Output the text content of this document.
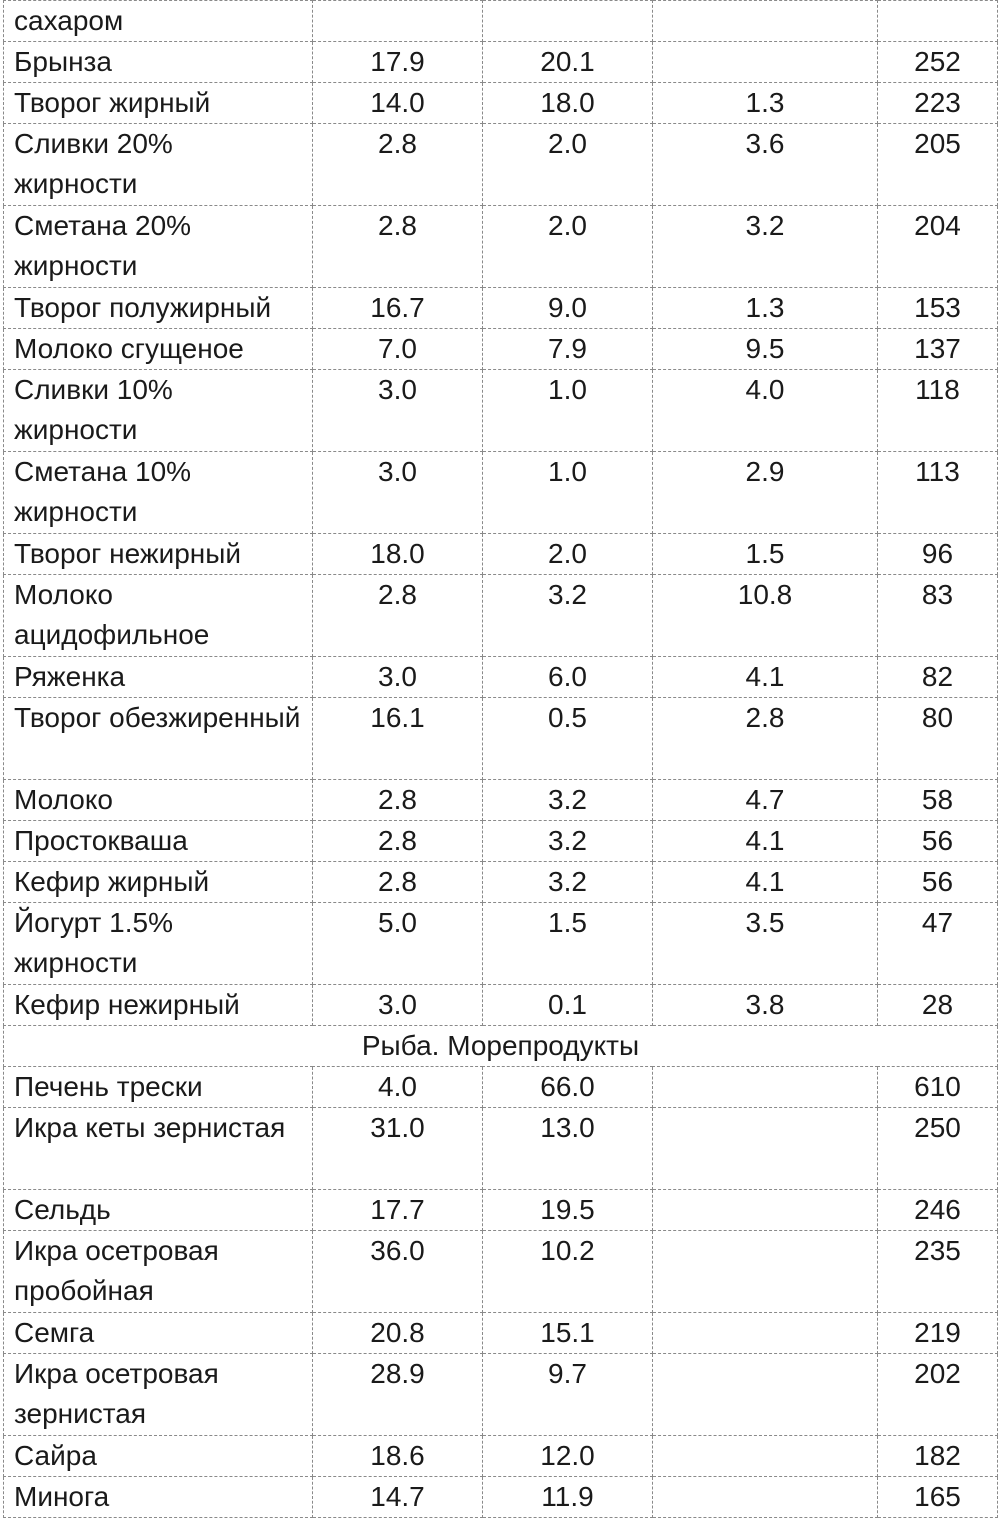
сахаром				
Брынза	17.9	20.1		252
Творог жирный	14.0	18.0	1.3	223
Сливки 20% жирности	2.8	2.0	3.6	205
Сметана 20% жирности	2.8	2.0	3.2	204
Творог полужирный	16.7	9.0	1.3	153
Молоко сгущеное	7.0	7.9	9.5	137
Сливки 10% жирности	3.0	1.0	4.0	118
Сметана 10% жирности	3.0	1.0	2.9	113
Творог нежирный	18.0	2.0	1.5	96
Молоко ацидофильное	2.8	3.2	10.8	83
Ряженка	3.0	6.0	4.1	82
Творог обезжиренный	16.1	0.5	2.8	80
Молоко	2.8	3.2	4.7	58
Простокваша	2.8	3.2	4.1	56
Кефир жирный	2.8	3.2	4.1	56
Йогурт 1.5% жирности	5.0	1.5	3.5	47
Кефир нежирный	3.0	0.1	3.8	28
Рыба. Морепродукты				
Печень трески	4.0	66.0		610
Икра кеты зернистая	31.0	13.0		250
Сельдь	17.7	19.5		246
Икра осетровая пробойная	36.0	10.2		235
Семга	20.8	15.1		219
Икра осетровая зернистая	28.9	9.7		202
Сайра	18.6	12.0		182
Минога	14.7	11.9		165
